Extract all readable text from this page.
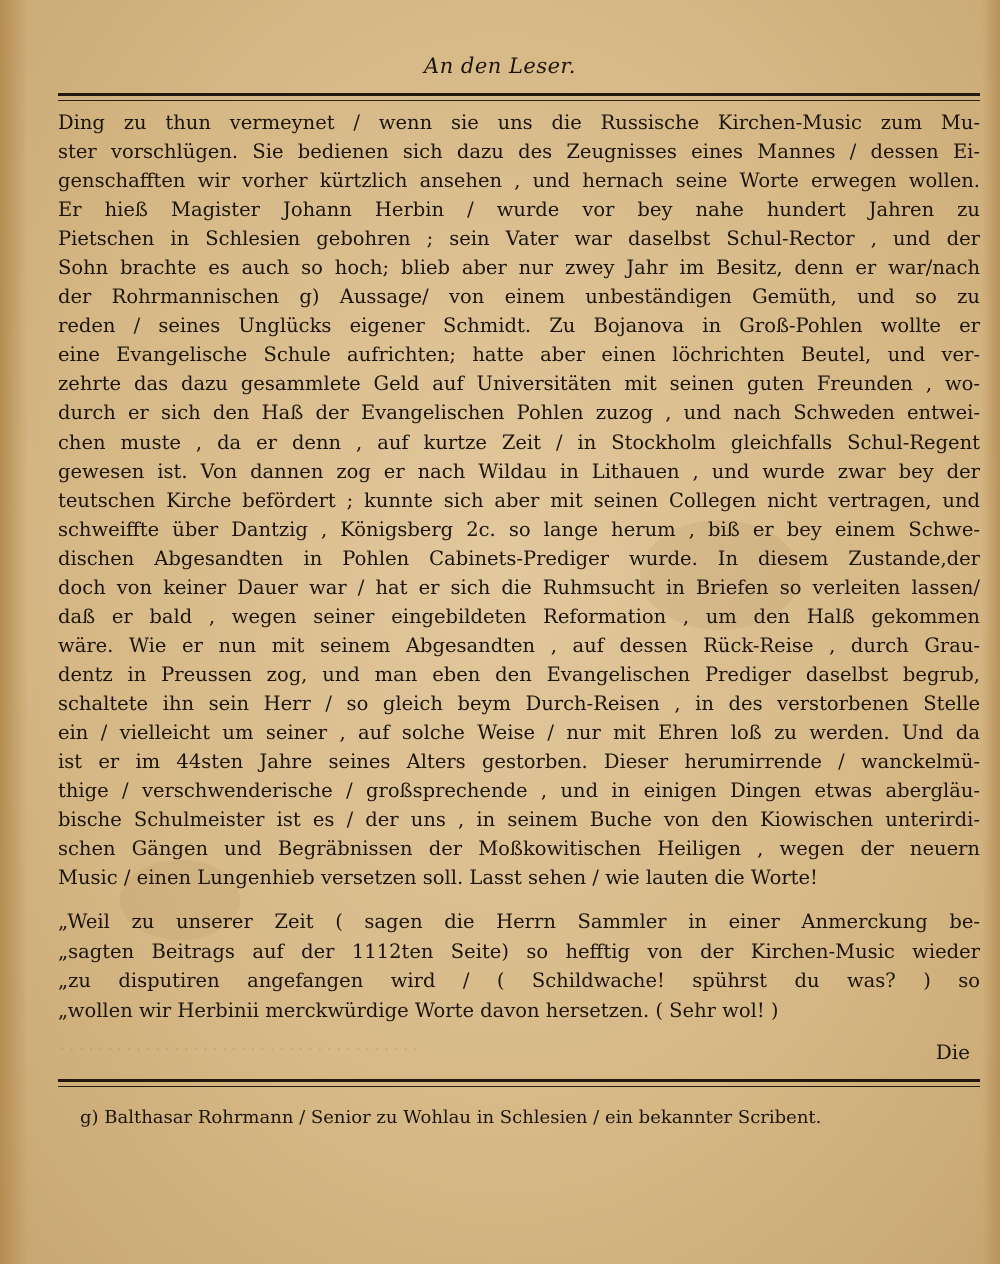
An den Leser.
Ding zu thun vermeynet / wenn sie uns die Russische Kirchen-Music zum Mu-
ster vorschlügen. Sie bedienen sich dazu des Zeugnisses eines Mannes / dessen Ei-
genschafften wir vorher kürtzlich ansehen , und hernach seine Worte erwegen wollen.
Er hieß Magister Johann Herbin / wurde vor bey nahe hundert Jahren zu
Pietschen in Schlesien gebohren ; sein Vater war daselbst Schul-Rector , und der
Sohn brachte es auch so hoch; blieb aber nur zwey Jahr im Besitz, denn er war/nach
der Rohrmannischen g) Aussage/ von einem unbeständigen Gemüth, und so zu
reden / seines Unglücks eigener Schmidt. Zu Bojanova in Groß-Pohlen wollte er
eine Evangelische Schule aufrichten; hatte aber einen löchrichten Beutel, und ver-
zehrte das dazu gesammlete Geld auf Universitäten mit seinen guten Freunden , wo-
durch er sich den Haß der Evangelischen Pohlen zuzog , und nach Schweden entwei-
chen muste , da er denn , auf kurtze Zeit / in Stockholm gleichfalls Schul-Regent
gewesen ist. Von dannen zog er nach Wildau in Lithauen , und wurde zwar bey der
teutschen Kirche befördert ; kunnte sich aber mit seinen Collegen nicht vertragen, und
schweiffte über Dantzig , Königsberg 2c. so lange herum , biß er bey einem Schwe-
dischen Abgesandten in Pohlen Cabinets-Prediger wurde. In diesem Zustande,der
doch von keiner Dauer war / hat er sich die Ruhmsucht in Briefen so verleiten lassen/
daß er bald , wegen seiner eingebildeten Reformation , um den Halß gekommen
wäre. Wie er nun mit seinem Abgesandten , auf dessen Rück-Reise , durch Grau-
dentz in Preussen zog, und man eben den Evangelischen Prediger daselbst begrub,
schaltete ihn sein Herr / so gleich beym Durch-Reisen , in des verstorbenen Stelle
ein / vielleicht um seiner , auf solche Weise / nur mit Ehren loß zu werden. Und da
ist er im 44sten Jahre seines Alters gestorben. Dieser herumirrende / wanckelmü-
thige / verschwenderische / großsprechende , und in einigen Dingen etwas abergläu-
bische Schulmeister ist es / der uns , in seinem Buche von den Kiowischen unterirdi-
schen Gängen und Begräbnissen der Moßkowitischen Heiligen , wegen der neuern
Music / einen Lungenhieb versetzen soll. Lasst sehen / wie lauten die Worte!
„Weil zu unserer Zeit ( sagen die Herrn Sammler in einer Anmerckung be-
„sagten Beitrags auf der 1112ten Seite) so hefftig von der Kirchen-Music wieder
„zu disputiren angefangen wird / ( Schildwache! spührst du was? ) so
„wollen wir Herbinii merckwürdige Worte davon hersetzen. ( Sehr wol! )
· · · · · · · · · · · · · · · · · · · · · · · · · · · · · · · · · · · · · ·	Die
g) Balthasar Rohrmann / Senior zu Wohlau in Schlesien / ein bekannter Scribent.
